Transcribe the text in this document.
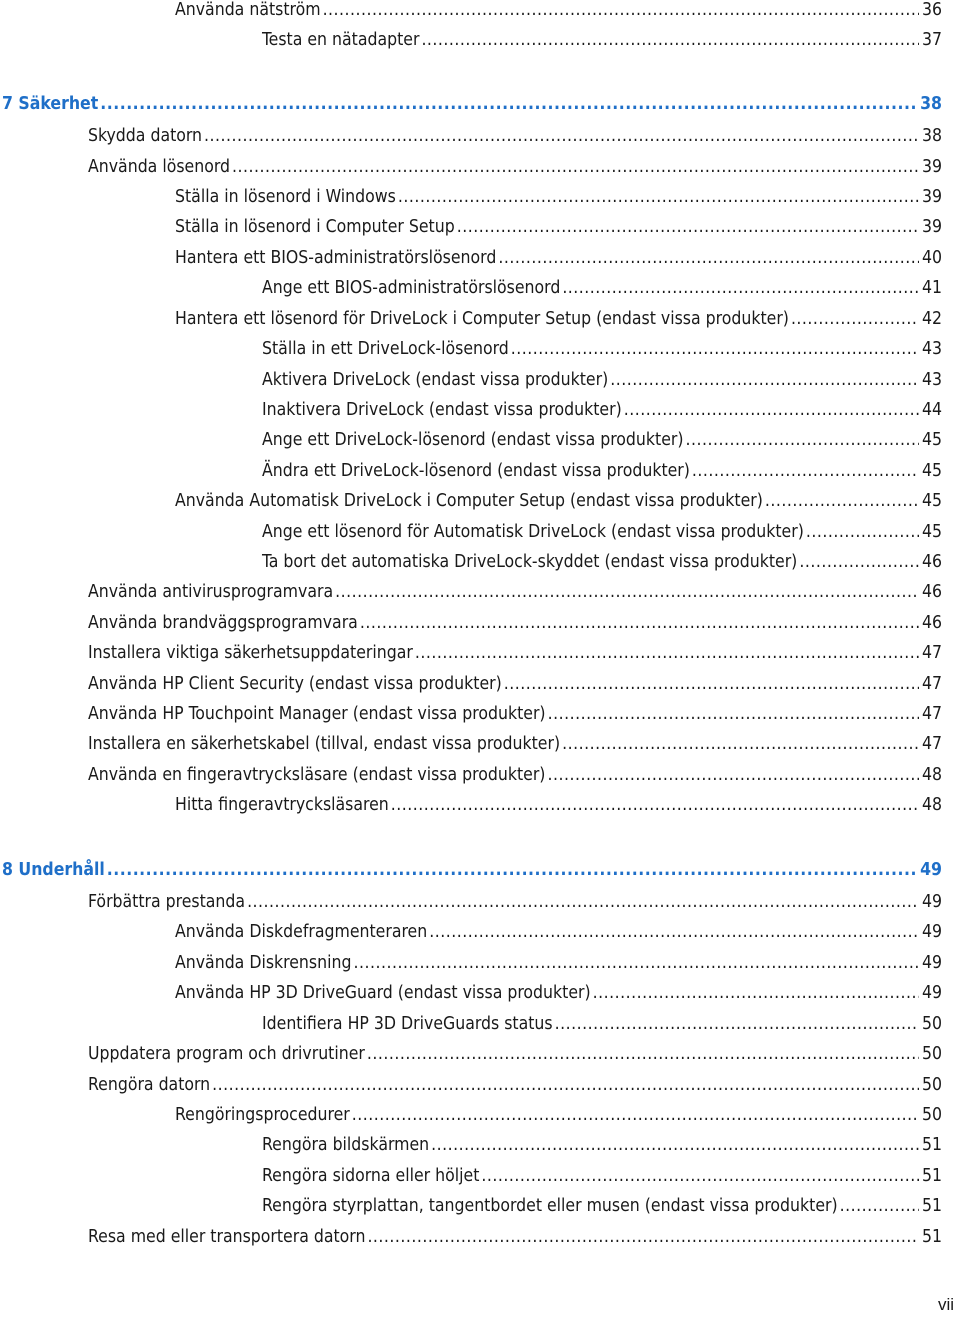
Använda nätström .....	36
Testa en nätadapter .....	37
7 Säkerhet .....	38
Skydda datorn .....	38
Använda lösenord .....	39
Ställa in lösenord i Windows .....	39
Ställa in lösenord i Computer Setup .....	39
Hantera ett BIOS-administratörslösenord .....	40
Ange ett BIOS-administratörslösenord .....	41
Hantera ett lösenord för DriveLock i Computer Setup (endast vissa produkter) .....	42
Ställa in ett DriveLock-lösenord .....	43
Aktivera DriveLock (endast vissa produkter) .....	43
Inaktivera DriveLock (endast vissa produkter) .....	44
Ange ett DriveLock-lösenord (endast vissa produkter) .....	45
Ändra ett DriveLock-lösenord (endast vissa produkter) .....	45
Använda Automatisk DriveLock i Computer Setup (endast vissa produkter) .....	45
Ange ett lösenord för Automatisk DriveLock (endast vissa produkter) .....	45
Ta bort det automatiska DriveLock-skyddet (endast vissa produkter) .....	46
Använda antivirusprogramvara .....	46
Använda brandväggsprogramvara .....	46
Installera viktiga säkerhetsuppdateringar .....	47
Använda HP Client Security (endast vissa produkter) .....	47
Använda HP Touchpoint Manager (endast vissa produkter) .....	47
Installera en säkerhetskabel (tillval, endast vissa produkter) .....	47
Använda en fingeravtrycksläsare (endast vissa produkter) .....	48
Hitta fingeravtrycksläsaren .....	48
8 Underhåll .....	49
Förbättra prestanda .....	49
Använda Diskdefragmenteraren .....	49
Använda Diskrensning .....	49
Använda HP 3D DriveGuard (endast vissa produkter) .....	49
Identifiera HP 3D DriveGuards status .....	50
Uppdatera program och drivrutiner .....	50
Rengöra datorn .....	50
Rengöringsprocedurer .....	50
Rengöra bildskärmen .....	51
Rengöra sidorna eller höljet .....	51
Rengöra styrplattan, tangentbordet eller musen (endast vissa produkter) .....	51
Resa med eller transportera datorn .....	51
vii
